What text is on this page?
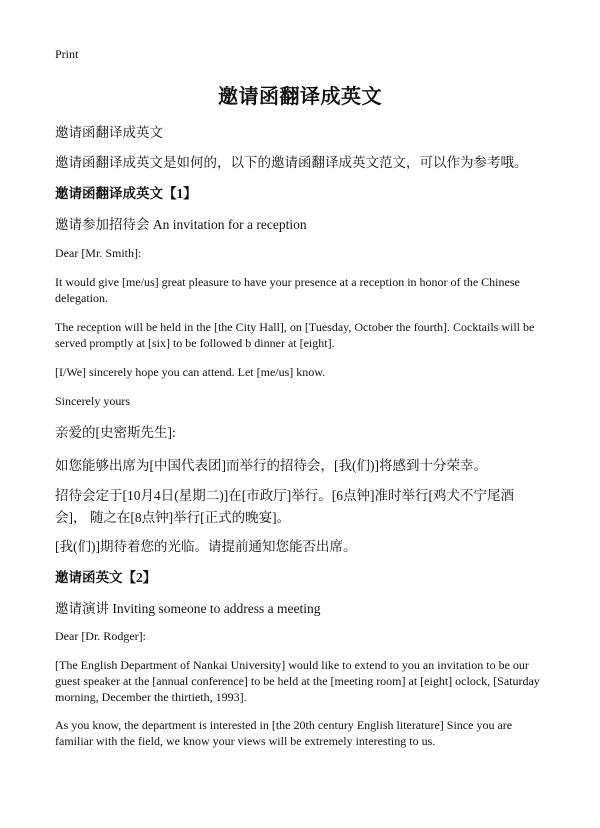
Print

邀请函翻译成英文

邀请函翻译成英文

邀请函翻译成英文是如何的，以下的邀请函翻译成英文范文，可以作为参考哦。

邀请函翻译成英文【1】

邀请参加招待会 An invitation for a reception

Dear [Mr. Smith]:

It would give [me/us] great pleasure to have your presence at a reception in honor of the Chinese delegation.

The reception will be held in the [the City Hall], on [Tuesday, October the fourth]. Cocktails will be served promptly at [six] to be followed b dinner at [eight].

[I/We] sincerely hope you can attend. Let [me/us] know.

Sincerely yours

亲爱的[史密斯先生]:

如您能够出席为[中国代表团]而举行的招待会，[我(们)]将感到十分荣幸。

招待会定于[10月4日(星期二)]在[市政厅]举行。[6点钟]准时举行[鸡犬不宁尾酒会]， 随之在[8点钟]举行[正式的晚宴]。

[我(们)]期待着您的光临。请提前通知您能否出席。

邀请函英文【2】

邀请演讲 Inviting someone to address a meeting

Dear [Dr. Rodger]:

[The English Department of Nankai University] would like to extend to you an invitation to be our guest speaker at the [annual conference] to be held at the [meeting room] at [eight] oclock, [Saturday morning, December the thirtieth, 1993].

As you know, the department is interested in [the 20th century English literature] Since you are familiar with the field, we know your views will be extremely interesting to us.
